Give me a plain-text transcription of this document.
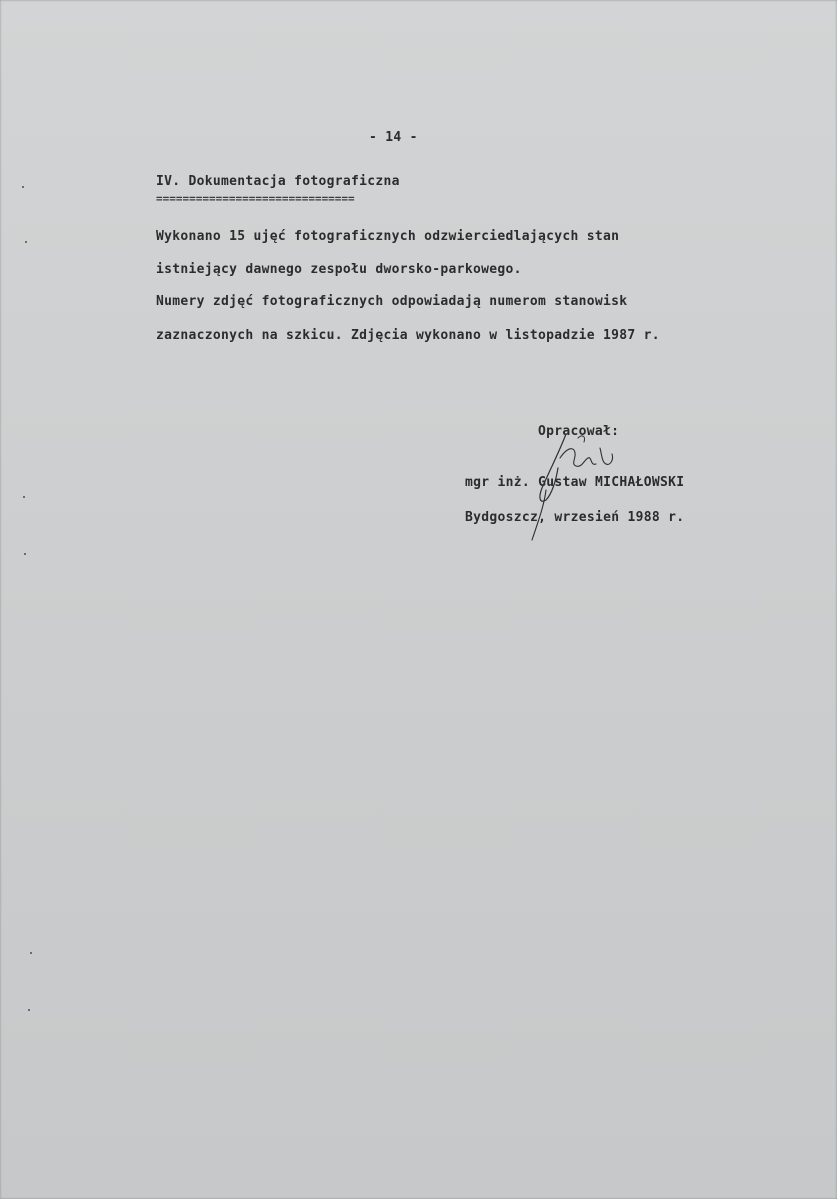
- 14 -
IV. Dokumentacja fotograficzna
==============================
Wykonano 15 ujęć fotograficznych odzwierciedlających stan
istniejący dawnego zespołu dworsko-parkowego.
Numery zdjęć fotograficznych odpowiadają numerom stanowisk
zaznaczonych na szkicu. Zdjęcia wykonano w listopadzie 1987 r.
Opracował:
mgr inż. Gustaw MICHAŁOWSKI
Bydgoszcz, wrzesień 1988 r.
